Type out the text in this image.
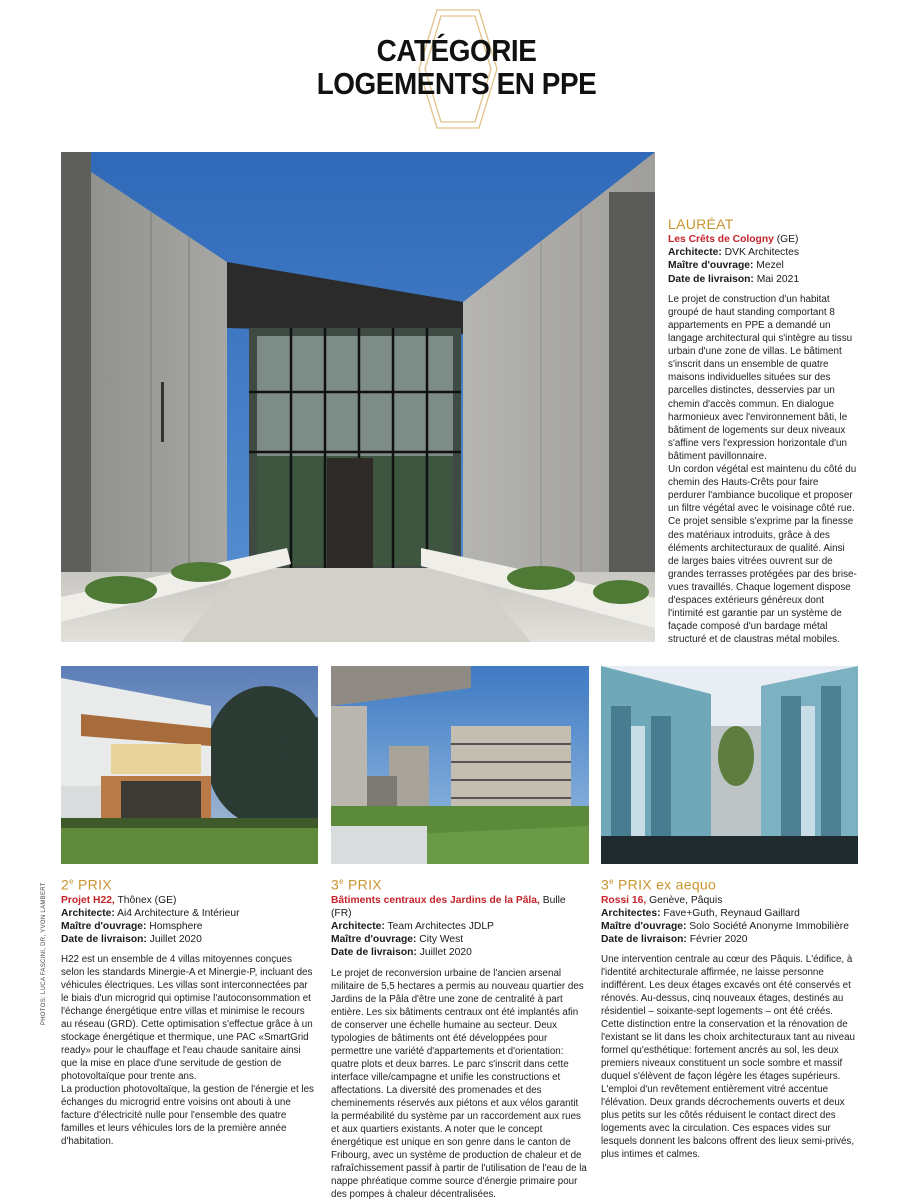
CATÉGORIE
LOGEMENTS EN PPE
LAURÉAT
Les Crêts de Cologny (GE)
Architecte: DVK Architectes
Maître d'ouvrage: Mezel
Date de livraison: Mai 2021

Le projet de construction d'un habitat groupé de haut standing comportant 8 appartements en PPE a demandé un langage architectural qui s'intègre au tissu urbain d'une zone de villas. Le bâtiment s'inscrit dans un ensemble de quatre maisons individuelles situées sur des parcelles distinctes, desservies par un chemin d'accès commun. En dialogue harmonieux avec l'environnement bâti, le bâtiment de logements sur deux niveaux s'affine vers l'expression horizontale d'un bâtiment pavillonnaire.

Un cordon végétal est maintenu du côté du chemin des Hauts-Crêts pour faire perdurer l'ambiance bucolique et proposer un filtre végétal avec le voisinage côté rue.

Ce projet sensible s'exprime par la finesse des matériaux introduits, grâce à des éléments architecturaux de qualité. Ainsi de larges baies vitrées ouvrent sur de grandes terrasses protégées par des brise-vues travaillés. Chaque logement dispose d'espaces extérieurs généreux dont l'intimité est garantie par un système de façade composé d'un bardage métal structuré et de claustras métal mobiles.

2e PRIX
Projet H22, Thônex (GE)
Architecte: Ai4 Architecture & Intérieur
Maître d'ouvrage: Homsphere
Date de livraison: Juillet 2020

H22 est un ensemble de 4 villas mitoyennes conçues selon les standards Minergie-A et Minergie-P, incluant des véhicules électriques. Les villas sont interconnectées par le biais d'un microgrid qui optimise l'autoconsommation et l'échange énergétique entre villas et minimise le recours au réseau (GRD). Cette optimisation s'effectue grâce à un stockage énergétique et thermique, une PAC «SmartGrid ready» pour le chauffage et l'eau chaude sanitaire ainsi que la mise en place d'une servitude de gestion de photovoltaïque pour trente ans.

La production photovoltaïque, la gestion de l'énergie et les échanges du microgrid entre voisins ont abouti à une facture d'électricité nulle pour l'ensemble des quatre familles et leurs véhicules lors de la première année d'habitation.

3e PRIX
Bâtiments centraux des Jardins de la Pâla, Bulle (FR)
Architecte: Team Architectes JDLP
Maître d'ouvrage: City West
Date de livraison: Juillet 2020

Le projet de reconversion urbaine de l'ancien arsenal militaire de 5,5 hectares a permis au nouveau quartier des Jardins de la Pâla d'être une zone de centralité à part entière. Les six bâtiments centraux ont été implantés afin de conserver une échelle humaine au secteur. Deux typologies de bâtiments ont été développées pour permettre une variété d'appartements et d'orientation: quatre plots et deux barres. Le parc s'inscrit dans cette interface ville/campagne et unifie les constructions et affectations. La diversité des promenades et des cheminements réservés aux piétons et aux vélos garantit la perméabilité du système par un raccordement aux rues et aux quartiers existants. A noter que le concept énergétique est unique en son genre dans le canton de Fribourg, avec un système de production de chaleur et de rafraîchissement passif à partir de l'utilisation de l'eau de la nappe phréatique comme source d'énergie primaire pour des pompes à chaleur décentralisées.

3e PRIX ex aequo
Rossi 16, Genève, Pâquis
Architectes: Fave+Guth, Reynaud Gaillard
Maître d'ouvrage: Solo Société Anonyme Immobilière
Date de livraison: Février 2020

Une intervention centrale au cœur des Pâquis. L'édifice, à l'identité architecturale affirmée, ne laisse personne indifférent. Les deux étages excavés ont été conservés et rénovés. Au-dessus, cinq nouveaux étages, destinés au résidentiel – soixante-sept logements – ont été créés. Cette distinction entre la conservation et la rénovation de l'existant se lit dans les choix architecturaux tant au niveau formel qu'esthétique: fortement ancrés au sol, les deux premiers niveaux constituent un socle sombre et massif duquel s'élèvent de façon légère les étages supérieurs. L'emploi d'un revêtement entièrement vitré accentue l'élévation. Deux grands décrochements ouverts et deux plus petits sur les côtés réduisent le contact direct des logements avec la circulation. Ces espaces vides sur lesquels donnent les balcons offrent des lieux semi-privés, plus intimes et calmes.

PHOTOS: LUCA FASCINI, DR, YVON LAMBERT
